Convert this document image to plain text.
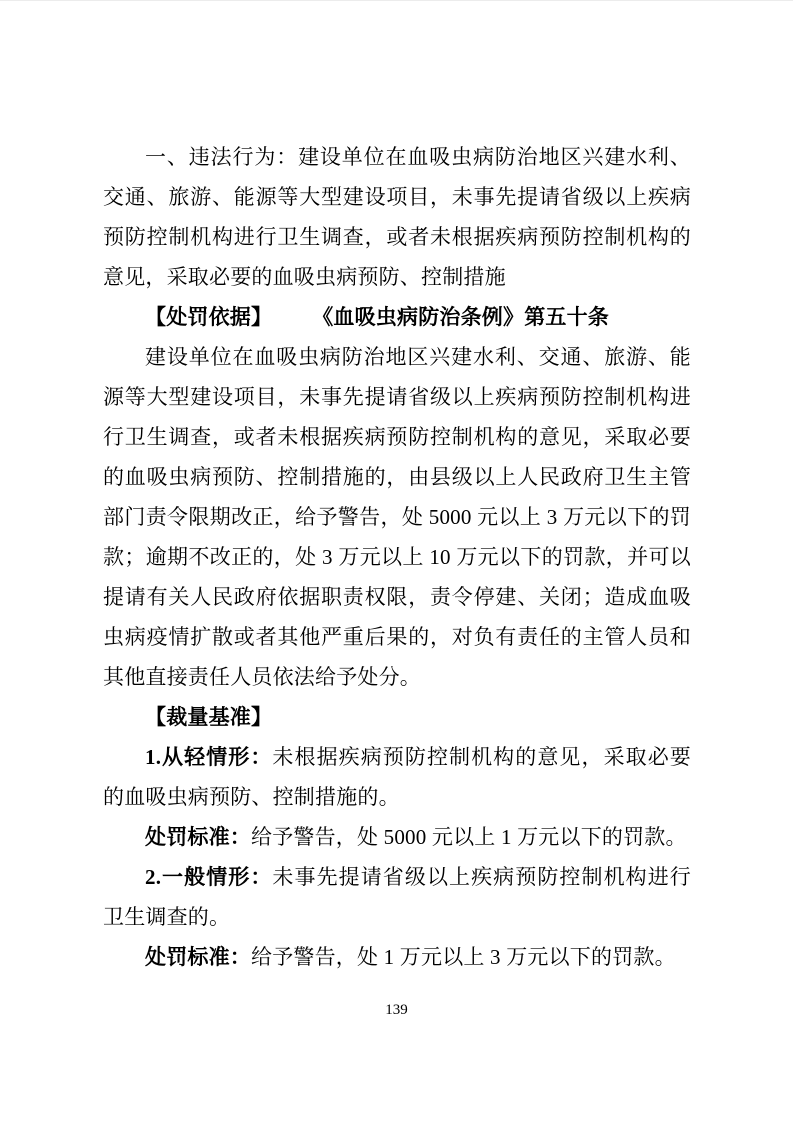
一、违法行为：建设单位在血吸虫病防治地区兴建水利、交通、旅游、能源等大型建设项目，未事先提请省级以上疾病预防控制机构进行卫生调查，或者未根据疾病预防控制机构的意见，采取必要的血吸虫病预防、控制措施

【处罚依据】 《血吸虫病防治条例》第五十条

建设单位在血吸虫病防治地区兴建水利、交通、旅游、能源等大型建设项目，未事先提请省级以上疾病预防控制机构进行卫生调查，或者未根据疾病预防控制机构的意见，采取必要的血吸虫病预防、控制措施的，由县级以上人民政府卫生主管部门责令限期改正，给予警告，处 5000 元以上 3 万元以下的罚款；逾期不改正的，处 3 万元以上 10 万元以下的罚款，并可以提请有关人民政府依据职责权限，责令停建、关闭；造成血吸虫病疫情扩散或者其他严重后果的，对负有责任的主管人员和其他直接责任人员依法给予处分。

【裁量基准】

1.从轻情形：未根据疾病预防控制机构的意见，采取必要的血吸虫病预防、控制措施的。

处罚标准：给予警告，处 5000 元以上 1 万元以下的罚款。

2.一般情形：未事先提请省级以上疾病预防控制机构进行卫生调查的。

处罚标准：给予警告，处 1 万元以上 3 万元以下的罚款。

139
